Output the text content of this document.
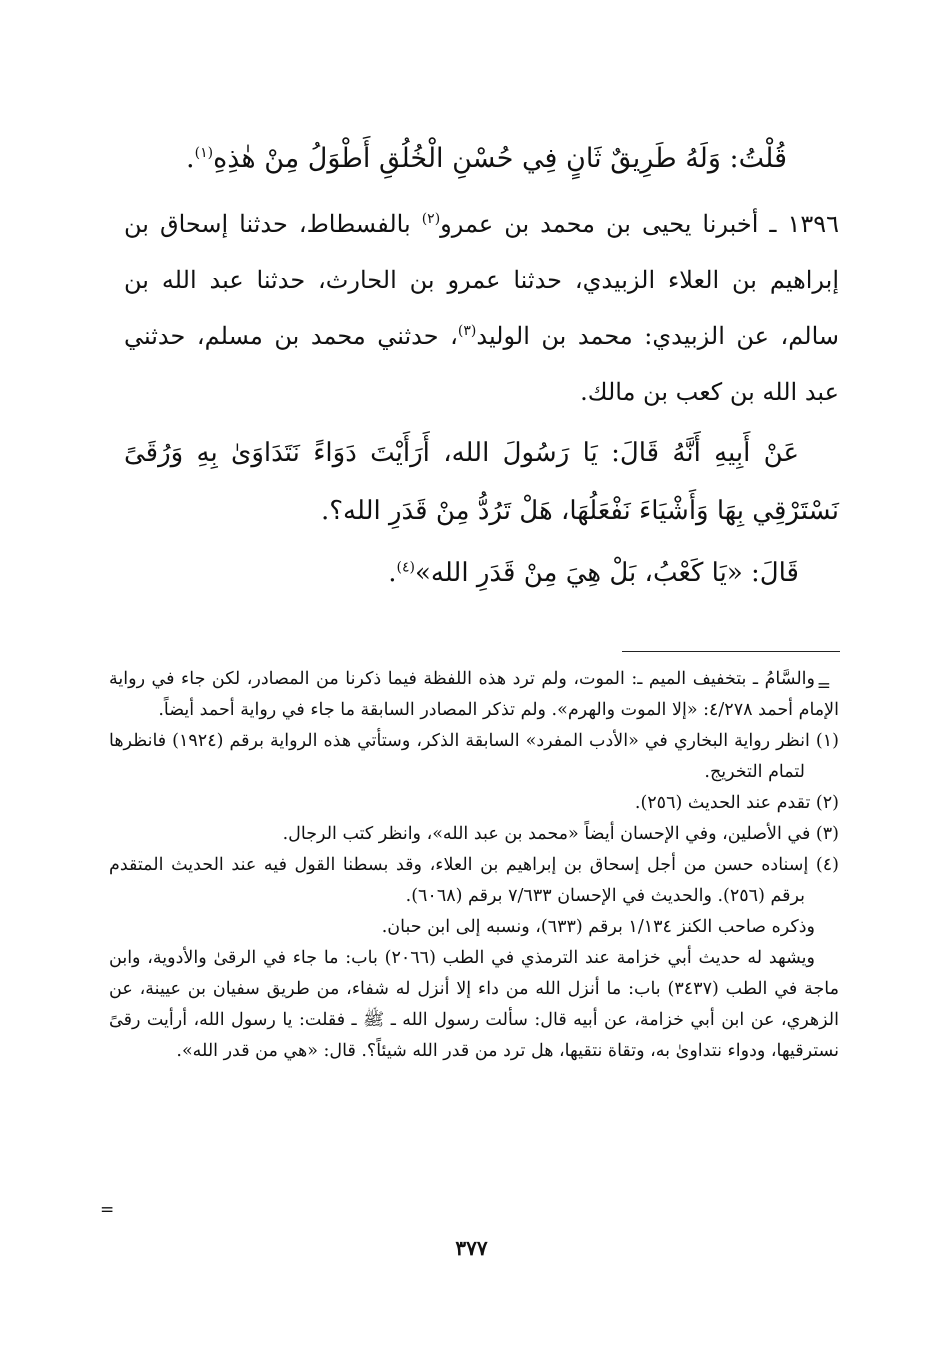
قُلْتُ: وَلَهُ طَرِيقٌ ثَانٍ فِي حُسْنِ الْخُلُقِ أَطْوَلُ مِنْ هٰذِهِ$^{(١)}$.

١٣٩٦ ـ أخبرنا يحيى بن محمد بن عمرو$^{(٢)}$ بالفسطاط، حدثنا إسحاق بن إبراهيم بن العلاء الزبيدي، حدثنا عمرو بن الحارث، حدثنا عبد الله بن سالم، عن الزبيدي: محمد بن الوليد$^{(٣)}$، حدثني محمد بن مسلم، حدثني عبد الله بن كعب بن مالك.

عَنْ أَبِيهِ أَنَّهُ قَالَ: يَا رَسُولَ الله، أَرَأَيْتَ دَوَاءً نَتَدَاوَىٰ بِهِ وَرُقَىً نَسْتَرْقِي بِهَا وَأَشْيَاءَ نَفْعَلُهَا، هَلْ تَرُدُّ مِنْ قَدَرِ الله؟.

قَالَ: «يَا كَعْبُ، بَلْ هِيَ مِنْ قَدَرِ الله»$^{(٤)}$.

=

والسَّامُ ـ بتخفيف الميم ـ: الموت، ولم ترد هذه اللفظة فيما ذكرنا من المصادر، لكن جاء في رواية الإمام أحمد ٤/٢٧٨: «إلا الموت والهرم». ولم تذكر المصادر السابقة ما جاء في رواية أحمد أيضاً.

(١) انظر رواية البخاري في «الأدب المفرد» السابقة الذكر، وستأتي هذه الرواية برقم (١٩٢٤) فانظرها لتمام التخريج.

(٢) تقدم عند الحديث (٢٥٦).

(٣) في الأصلين، وفي الإحسان أيضاً «محمد بن عبد الله»، وانظر كتب الرجال.

(٤) إسناده حسن من أجل إسحاق بن إبراهيم بن العلاء، وقد بسطنا القول فيه عند الحديث المتقدم برقم (٢٥٦). والحديث في الإحسان ٧/٦٣٣ برقم (٦٠٦٨).

وذكره صاحب الكنز ١/١٣٤ برقم (٦٣٣)، ونسبه إلى ابن حبان.

ويشهد له حديث أبي خزامة عند الترمذي في الطب (٢٠٦٦) باب: ما جاء في الرقىٰ والأدوية، وابن ماجة في الطب (٣٤٣٧) باب: ما أنزل الله من داء إلا أنزل له شفاء، من طريق سفيان بن عيينة، عن الزهري، عن ابن أبي خزامة، عن أبيه قال: سألت رسول الله ـ ﷺ ـ فقلت: يا رسول الله، أرأيت رقىً نسترقيها، ودواء نتداوىٰ به، وتقاة نتقيها، هل ترد من قدر الله شيئاً؟. قال: «هي من قدر الله».

=
٣٧٧
